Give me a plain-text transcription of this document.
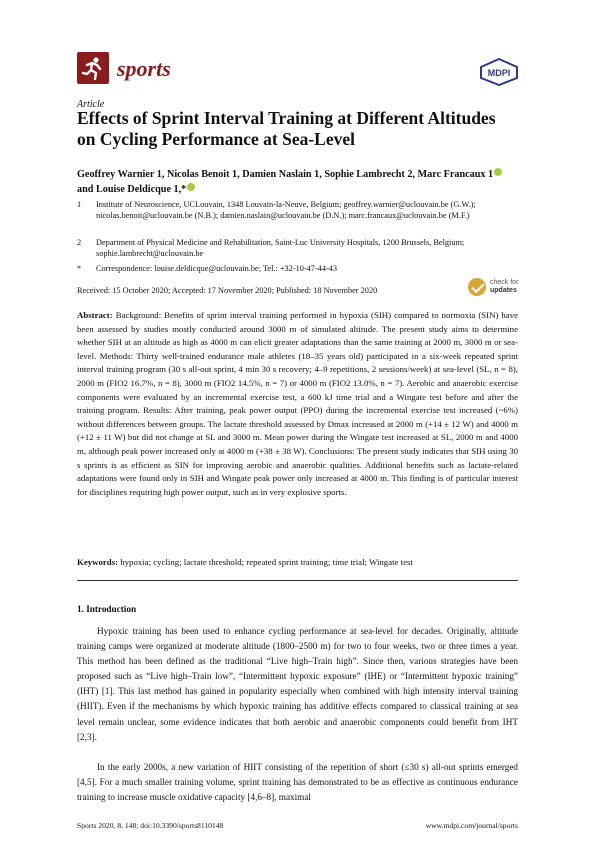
sports	MDPI
Article
Effects of Sprint Interval Training at Different Altitudes on Cycling Performance at Sea-Level
Geoffrey Warnier 1, Nicolas Benoit 1, Damien Naslain 1, Sophie Lambrecht 2, Marc Francaux 1
and Louise Deldicque 1,*
1	Institute of Neuroscience, UCLouvain, 1348 Louvain-la-Neuve, Belgium; geoffrey.warnier@uclouvain.be (G.W.); nicolas.benoit@uclouvain.be (N.B.); damien.naslain@uclouvain.be (D.N.); marc.francaux@uclouvain.be (M.F.)
2	Department of Physical Medicine and Rehabilitation, Saint-Luc University Hospitals, 1200 Brussels, Belgium; sophie.lambrecht@uclouvain.be
*	Correspondence: louise.deldicque@uclouvain.be; Tel.: +32-10-47-44-43
Received: 15 October 2020; Accepted: 17 November 2020; Published: 18 November 2020
check for
updates
Abstract: Background: Benefits of sprint interval training performed in hypoxia (SIH) compared to normoxia (SIN) have been assessed by studies mostly conducted around 3000 m of simulated altitude. The present study aims to determine whether SIH at an altitude as high as 4000 m can elicit greater adaptations than the same training at 2000 m, 3000 m or sea-level. Methods: Thirty well-trained endurance male athletes (18–35 years old) participated in a six-week repeated sprint interval training program (30 s all-out sprint, 4 min 30 s recovery; 4–9 repetitions, 2 sessions/week) at sea-level (SL, n = 8), 2000 m (FIO2 16.7%, n = 8), 3000 m (FIO2 14.5%, n = 7) or 4000 m (FIO2 13.0%, n = 7). Aerobic and anaerobic exercise components were evaluated by an incremental exercise test, a 600 kJ time trial and a Wingate test before and after the training program. Results: After training, peak power output (PPO) during the incremental exercise test increased (~6%) without differences between groups. The lactate threshold assessed by Dmax increased at 2000 m (+14 ± 12 W) and 4000 m (+12 ± 11 W) but did not change at SL and 3000 m. Mean power during the Wingate test increased at SL, 2000 m and 4000 m, although peak power increased only at 4000 m (+38 ± 38 W). Conclusions: The present study indicates that SIH using 30 s sprints is as efficient as SIN for improving aerobic and anaerobic qualities. Additional benefits such as lactate-related adaptations were found only in SIH and Wingate peak power only increased at 4000 m. This finding is of particular interest for disciplines requiring high power output, such as in very explosive sports.
Keywords: hypoxia; cycling; lactate threshold; repeated sprint training; time trial; Wingate test
1. Introduction
Hypoxic training has been used to enhance cycling performance at sea-level for decades. Originally, altitude training camps were organized at moderate altitude (1800–2500 m) for two to four weeks, two or three times a year. This method has been defined as the traditional “Live high–Train high”. Since then, various strategies have been proposed such as “Live high–Train low”, “Intermittent hypoxic exposure” (IHE) or “Intermittent hypoxic training” (IHT) [1]. This last method has gained in popularity especially when combined with high intensity interval training (HIIT). Even if the mechanisms by which hypoxic training has additive effects compared to classical training at sea level remain unclear, some evidence indicates that both aerobic and anaerobic components could benefit from IHT [2,3].
In the early 2000s, a new variation of HIIT consisting of the repetition of short (≤30 s) all-out sprints emerged [4,5]. For a much smaller training volume, sprint training has demonstrated to be as effective as continuous endurance training to increase muscle oxidative capacity [4,6–8], maximal
Sports 2020, 8, 148; doi:10.3390/sports8110148	www.mdpi.com/journal/sports
